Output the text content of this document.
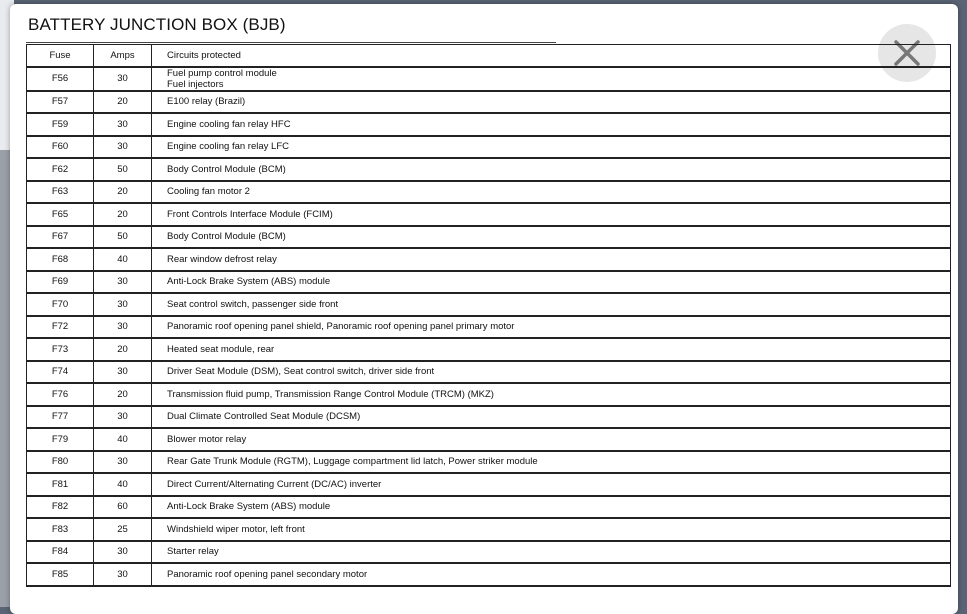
BATTERY JUNCTION BOX (BJB)
Fuse	Amps	Circuits protected
F56	30	Fuel pump control module
Fuel injectors

F57	20	E100 relay (Brazil)

F59	30	Engine cooling fan relay HFC

F60	30	Engine cooling fan relay LFC

F62	50	Body Control Module (BCM)

F63	20	Cooling fan motor 2

F65	20	Front Controls Interface Module (FCIM)

F67	50	Body Control Module (BCM)

F68	40	Rear window defrost relay

F69	30	Anti-Lock Brake System (ABS) module

F70	30	Seat control switch, passenger side front

F72	30	Panoramic roof opening panel shield, Panoramic roof opening panel primary motor

F73	20	Heated seat module, rear

F74	30	Driver Seat Module (DSM), Seat control switch, driver side front

F76	20	Transmission fluid pump, Transmission Range Control Module (TRCM) (MKZ)

F77	30	Dual Climate Controlled Seat Module (DCSM)

F79	40	Blower motor relay

F80	30	Rear Gate Trunk Module (RGTM), Luggage compartment lid latch, Power striker module

F81	40	Direct Current/Alternating Current (DC/AC) inverter

F82	60	Anti-Lock Brake System (ABS) module

F83	25	Windshield wiper motor, left front

F84	30	Starter relay

F85	30	Panoramic roof opening panel secondary motor
